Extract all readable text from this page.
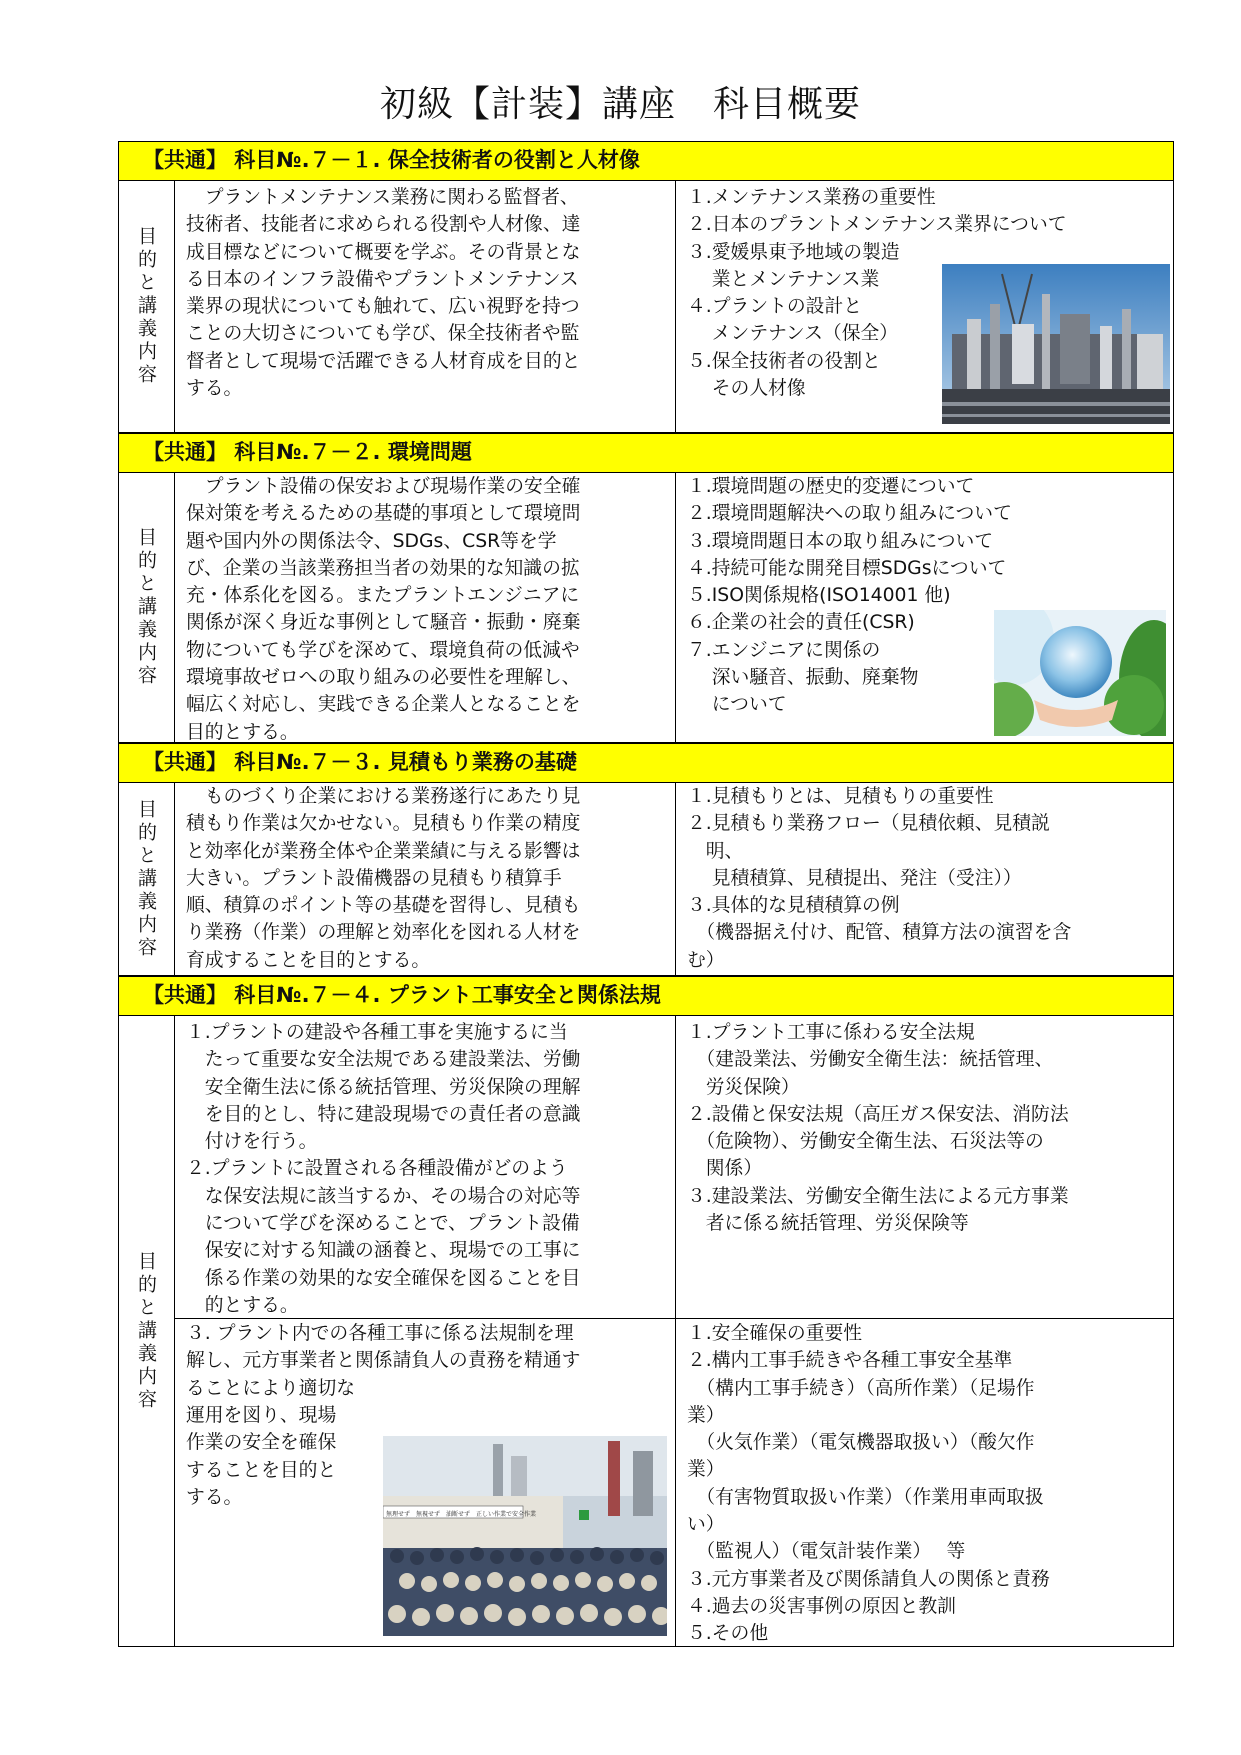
初級【計装】講座　科目概要
【共通】 科目№.７－１. 保全技術者の役割と人材像
目的と講義内容
　プラントメンテナンス業務に関わる監督者、
技術者、技能者に求められる役割や人材像、達
成目標などについて概要を学ぶ。その背景とな
る日本のインフラ設備やプラントメンテナンス
業界の現状についても触れて、広い視野を持つ
ことの大切さについても学び、保全技術者や監
督者として現場で活躍できる人材育成を目的と
する。
１.メンテナンス業務の重要性
２.日本のプラントメンテナンス業界について
３.愛媛県東予地域の製造
　 業とメンテナンス業
４.プラントの設計と
　 メンテナンス（保全）
５.保全技術者の役割と
　 その人材像
【共通】 科目№.７－２. 環境問題
目的と講義内容
　プラント設備の保安および現場作業の安全確
保対策を考えるための基礎的事項として環境問
題や国内外の関係法令、SDGs、CSR等を学
び、企業の当該業務担当者の効果的な知識の拡
充・体系化を図る。またプラントエンジニアに
関係が深く身近な事例として騒音・振動・廃棄
物についても学びを深めて、環境負荷の低減や
環境事故ゼロへの取り組みの必要性を理解し、
幅広く対応し、実践できる企業人となることを
目的とする。
１.環境問題の歴史的変遷について
２.環境問題解決への取り組みについて
３.環境問題日本の取り組みについて
４.持続可能な開発目標SDGsについて
５.ISO関係規格(ISO14001 他)
６.企業の社会的責任(CSR)
７.エンジニアに関係の
　 深い騒音、振動、廃棄物
　 について
【共通】 科目№.７－３. 見積もり業務の基礎
目的と講義内容
　ものづくり企業における業務遂行にあたり見
積もり作業は欠かせない。見積もり作業の精度
と効率化が業務全体や企業業績に与える影響は
大きい。プラント設備機器の見積もり積算手
順、積算のポイント等の基礎を習得し、見積も
り業務（作業）の理解と効率化を図れる人材を
育成することを目的とする。
１.見積もりとは、見積もりの重要性
２.見積もり業務フロー（見積依頼、見積説
　明、
　 見積積算、見積提出、発注（受注））
３.具体的な見積積算の例
　（機器据え付け、配管、積算方法の演習を含
む）
【共通】 科目№.７－４. プラント工事安全と関係法規
目的と講義内容
１.プラントの建設や各種工事を実施するに当
　たって重要な安全法規である建設業法、労働
　安全衛生法に係る統括管理、労災保険の理解
　を目的とし、特に建設現場での責任者の意識
　付けを行う。
２.プラントに設置される各種設備がどのよう
　な保安法規に該当するか、その場合の対応等
　について学びを深めることで、プラント設備
　保安に対する知識の涵養と、現場での工事に
　係る作業の効果的な安全確保を図ることを目
　的とする。
１.プラント工事に係わる安全法規
　（建設業法、労働安全衛生法：統括管理、
　労災保険）
２.設備と保安法規（高圧ガス保安法、消防法
　（危険物）、労働安全衛生法、石災法等の
　関係）
３.建設業法、労働安全衛生法による元方事業
　者に係る統括管理、労災保険等
３. プラント内での各種工事に係る法規制を理
解し、元方事業者と関係請負人の責務を精通す
ることにより適切な
運用を図り、現場
作業の安全を確保
することを目的と
する。
１.安全確保の重要性
２.構内工事手続きや各種工事安全基準
　（構内工事手続き）（高所作業）（足場作
業）
　（火気作業）（電気機器取扱い）（酸欠作
業）
　（有害物質取扱い作業）（作業用車両取扱
い）
　（監視人）（電気計装作業）　 等
３.元方事業者及び関係請負人の関係と責務
４.過去の災害事例の原因と教訓
５.その他
無理せず　無視せず　油断せず　正しい作業で安全作業
